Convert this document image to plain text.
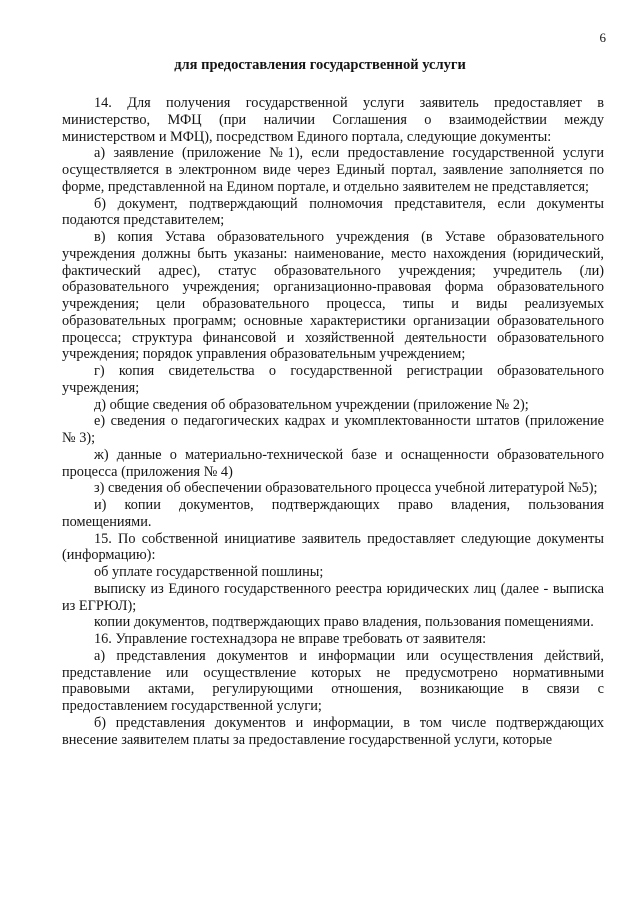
6
для предоставления государственной услуги

14. Для получения государственной услуги заявитель предоставляет в министерство, МФЦ (при наличии Соглашения о взаимодействии между министерством и МФЦ), посредством Единого портала, следующие документы:

а) заявление (приложение №1), если предоставление государственной услуги осуществляется в электронном виде через Единый портал, заявление заполняется по форме, представленной на Едином портале, и отдельно заявителем не представляется;

б) документ, подтверждающий полномочия представителя, если документы подаются представителем;

в) копия Устава образовательного учреждения (в Уставе образовательного учреждения должны быть указаны: наименование, место нахождения (юридический, фактический адрес), статус образовательного учреждения; учредитель (ли) образовательного учреждения; организационно-правовая форма образовательного учреждения; цели образовательного процесса, типы и виды реализуемых образовательных программ; основные характеристики организации образовательного процесса; структура финансовой и хозяйственной деятельности образовательного учреждения; порядок управления образовательным учреждением;

г) копия свидетельства о государственной регистрации образовательного учреждения;

д) общие сведения об образовательном учреждении (приложение № 2);

е) сведения о педагогических кадрах и укомплектованности штатов (приложение № 3);

ж) данные о материально-технической базе и оснащенности образовательного процесса (приложения № 4)

з) сведения об обеспечении образовательного процесса учебной литературой №5);

и) копии документов, подтверждающих право владения, пользования помещениями.

15. По собственной инициативе заявитель предоставляет следующие документы (информацию):

об уплате государственной пошлины;

выписку из Единого государственного реестра юридических лиц (далее - выписка из ЕГРЮЛ);

копии документов, подтверждающих право владения, пользования помещениями.

16. Управление гостехнадзора не вправе требовать от заявителя:

а) представления документов и информации или осуществления действий, представление или осуществление которых не предусмотрено нормативными правовыми актами, регулирующими отношения, возникающие в связи с предоставлением государственной услуги;

б) представления документов и информации, в том числе подтверждающих внесение заявителем платы за предоставление государственной услуги, которые
